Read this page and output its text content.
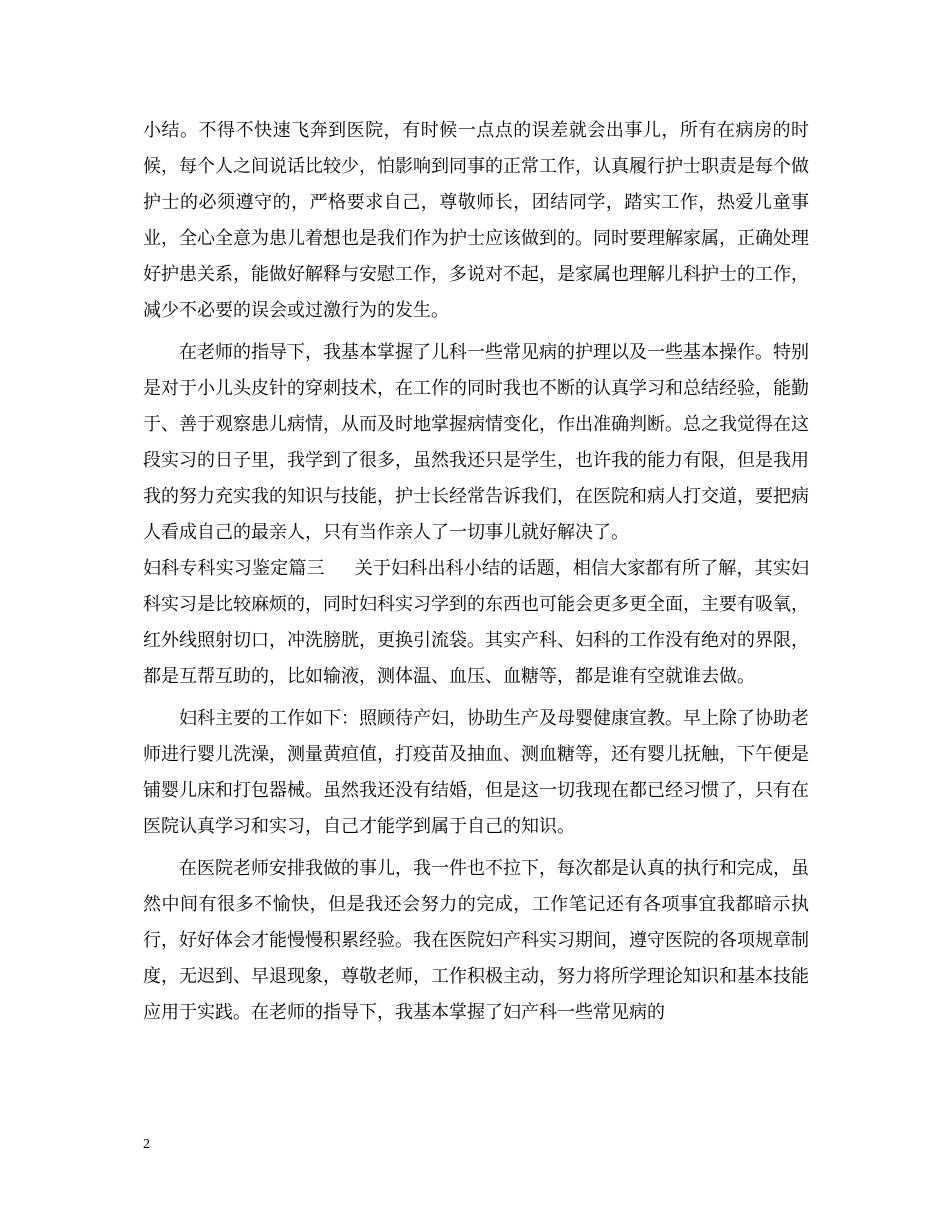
小结。不得不快速飞奔到医院，有时候一点点的误差就会出事儿，所有在病房的时候，每个人之间说话比较少，怕影响到同事的正常工作，认真履行护士职责是每个做护士的必须遵守的，严格要求自己，尊敬师长，团结同学，踏实工作，热爱儿童事业，全心全意为患儿着想也是我们作为护士应该做到的。同时要理解家属，正确处理好护患关系，能做好解释与安慰工作，多说对不起，是家属也理解儿科护士的工作，减少不必要的误会或过激行为的发生。

在老师的指导下，我基本掌握了儿科一些常见病的护理以及一些基本操作。特别是对于小儿头皮针的穿刺技术，在工作的同时我也不断的认真学习和总结经验，能勤于、善于观察患儿病情，从而及时地掌握病情变化，作出准确判断。总之我觉得在这段实习的日子里，我学到了很多，虽然我还只是学生，也许我的能力有限，但是我用我的努力充实我的知识与技能，护士长经常告诉我们，在医院和病人打交道，要把病人看成自己的最亲人，只有当作亲人了一切事儿就好解决了。

妇科专科实习鉴定篇三 关于妇科出科小结的话题，相信大家都有所了解，其实妇科实习是比较麻烦的，同时妇科实习学到的东西也可能会更多更全面，主要有吸氧，红外线照射切口，冲洗膀胱，更换引流袋。其实产科、妇科的工作没有绝对的界限，都是互帮互助的，比如输液，测体温、血压、血糖等，都是谁有空就谁去做。

妇科主要的工作如下：照顾待产妇，协助生产及母婴健康宣教。早上除了协助老师进行婴儿洗澡，测量黄疸值，打疫苗及抽血、测血糖等，还有婴儿抚触，下午便是铺婴儿床和打包器械。虽然我还没有结婚，但是这一切我现在都已经习惯了，只有在医院认真学习和实习，自己才能学到属于自己的知识。

在医院老师安排我做的事儿，我一件也不拉下，每次都是认真的执行和完成，虽然中间有很多不愉快，但是我还会努力的完成，工作笔记还有各项事宜我都暗示执行，好好体会才能慢慢积累经验。我在医院妇产科实习期间，遵守医院的各项规章制度，无迟到、早退现象，尊敬老师，工作积极主动，努力将所学理论知识和基本技能应用于实践。在老师的指导下，我基本掌握了妇产科一些常见病的

2
